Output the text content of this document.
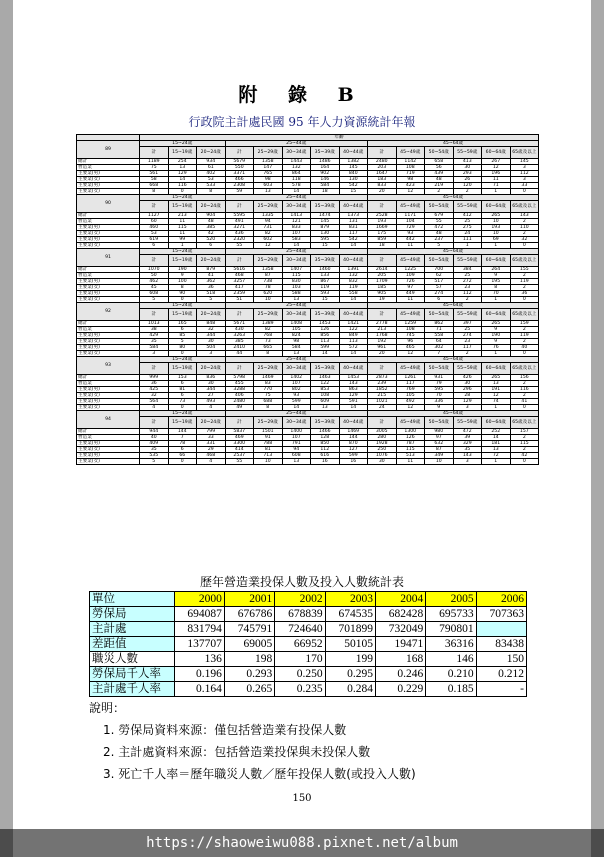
附 錄 B
行政院主計處民國 95 年人力資源統計年報
	年齡													
89	15~24歲			25~44歲					45~64歲					
	計	15~19歲	20~24歲	計	25~29歲	30~34歲	35~39歲	40~44歲	計	45~49歲	50~54歲	55~59歲	60~64歲	65歲及以上
總計	1189	254	934	5679	1358	1443	1486	1382	2480	1142	658	413	267	145
營造業	75	13	61	550	147	132	164	145	203	108	56	30	12	3
主要業(男)	561	129	402	3371	765	864	902	840	1647	719	439	293	196	112
主要業(女)	58	14	53	466	98	118	146	130	183	98	48	26	11	3
主要業(男)	668	116	533	2308	603	578	584	542	833	423	219	120	71	33
主要業(女)	8	0	8	59	13	14	18	15	20	12	2	2	1	0
90	15~24歲			25~44歲					45~64歲					
	計	15~19歲	20~24歲	計	25~29歲	30~34歲	35~39歲	40~44歲	計	45~49歲	50~54歲	55~59歲	60~64歲	65歲及以上
總計	1127	213	904	5595	1335	1413	1474	1373	2528	1171	679	412	265	143
營造業	60	11	48	491	94	121	145	131	193	104	55	25	10	2
主要業(男)	460	115	385	3271	731	833	879	831	1669	729	472	275	193	110
主要業(女)	53	11	42	436	82	107	130	117	175	93	48	24	10	2
主要業(男)	619	99	520	2320	602	583	595	542	859	442	237	111	69	32
主要業(女)	6	1	6	55	12	14	15	14	18	11	5	1	1	0
91	15~24歲			25~44歲					45~64歲					
	計	15~19歲	20~24歲	計	25~29歲	30~34歲	35~39歲	40~44歲	計	45~49歲	50~54歲	55~59歲	60~64歲	65歲及以上
總計	1070	190	879	5616	1358	1407	1460	1391	2614	1225	700	384	264	155
營造業	50	9	41	468	87	115	133	132	205	109	62	25	9	2
主要業(男)	462	100	362	3257	738	830	867	832	1709	726	517	272	195	119
主要業(女)	45	8	36	417	78	103	119	119	185	97	57	23	8	2
主要業(男)	608	90	518	2359	620	588	593	558	905	449	274	112	70	36
主要業(女)	5	0	5	51	10	13	15	14	19	11	6	2	1	0
92	15~24歲			25~44歲					45~64歲					
	計	15~19歲	20~24歲	計	25~29歲	30~34歲	35~39歲	40~44歲	計	45~49歲	50~54歲	55~59歲	60~64歲	65歲及以上
總計	1013	165	848	5671	1389	1408	1453	1421	2778	1259	862	397	265	159
營造業	38	6	32	430	82	105	126	122	213	108	71	25	9	2
主要業(男)	429	85	344	3263	768	824	856	849	1768	745	558	274	190	119
主要業(女)	35	5	30	385	73	98	113	113	192	96	64	23	9	2
主要業(男)	584	80	504	2410	665	584	599	572	961	465	302	117	76	40
主要業(女)	3	0	3	44	8	13	14	14	20	12	7	2	1	0
93	15~24歲			25~44歲					45~64歲					
	計	15~19歲	20~24歲	計	25~29歲	30~34歲	35~39歲	40~44歲	計	45~49歲	50~54歲	55~59歲	60~64歲	65歲及以上
總計	999	153	836	5798	1469	1402	1463	1453	2873	1261	931	426	265	156
營造業	36	6	30	455	83	107	122	143	239	117	79	30	13	2
主要業(男)	425	81	344	3288	770	802	853	863	1852	769	595	296	191	116
主要業(女)	32	6	27	406	75	93	108	129	215	105	70	28	12	2
主要業(男)	564	73	493	2480	688	599	609	591	1021	492	336	129	74	41
主要業(女)	4	0	4	49	8	14	13	14	24	12	9	3	1	0
94	15~24歲			25~44歲					45~64歲					
	計	15~19歲	20~24歲	計	25~29歲	30~34歲	35~39歲	40~44歲	計	45~49歲	50~54歲	55~59歲	60~64歲	65歲及以上
總計	944	144	799	5837	1501	1400	1466	1469	3005	1300	980	472	252	157
營造業	40	7	33	469	91	107	128	144	280	126	97	39	14	2
主要業(男)	409	78	331	3300	788	791	850	870	1928	787	632	329	181	115
主要業(女)	35	6	29	414	81	94	112	127	250	115	87	35	13	2
主要業(男)	535	66	468	2537	713	608	616	599	1076	513	349	143	72	42
主要業(女)	5	0	4	55	10	13	16	16	30	11	10	3	1	0
歷年營造業投保人數及投入人數統計表
單位	2000	2001	2002	2003	2004	2005	2006
勞保局	694087	676786	678839	674535	682428	695733	707363
主計處	831794	745791	724640	701899	732049	790801	
差距值	137707	69005	66952	50105	19471	36316	83438
職災人數	136	198	170	199	168	146	150
勞保局千人率	0.196	0.293	0.250	0.295	0.246	0.210	0.212
主計處千人率	0.164	0.265	0.235	0.284	0.229	0.185	-
說明：
1. 勞保局資料來源：僅包括營造業有投保人數
2. 主計處資料來源：包括營造業投保與未投保人數
3. 死亡千人率＝歷年職災人數／歷年投保人數(或投入人數)
150
https://shaoweiwu088.pixnet.net/album
